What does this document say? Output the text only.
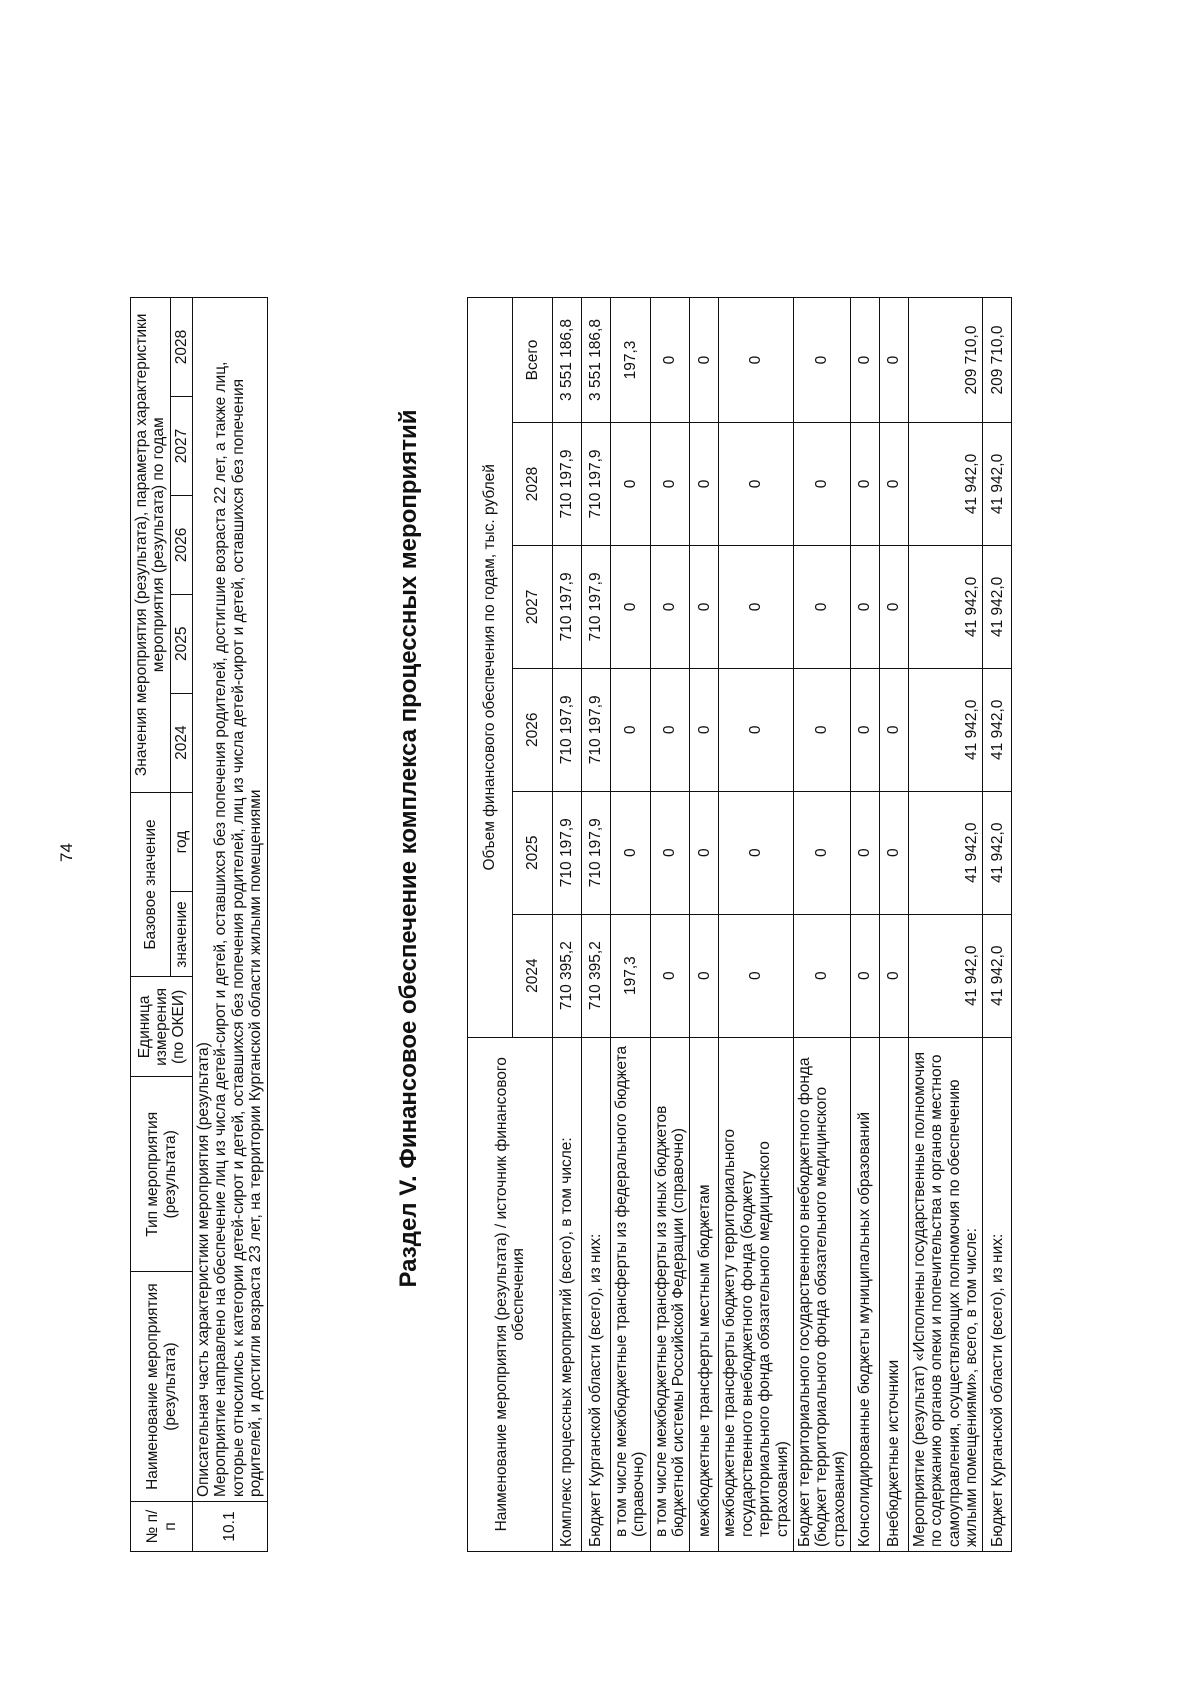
74
№ п/п	Наименование мероприятия (результата)	Тип мероприятия (результата)	Единица измерения (по ОКЕИ)	Базовое значение		Значения мероприятия (результата), параметра характеристики мероприятия (результата) по годам				
				значение	год	2024	2025	2026	2027	2028
10.1	Описательная часть характеристики мероприятия (результата) Мероприятие направлено на обеспечение лиц из числа детей-сирот и детей, оставшихся без попечения родителей, достигшие возраста 22 лет, а также лиц, которые относились к категории детей-сирот и детей, оставшихся без попечения родителей, лиц из числа детей-сирот и детей, оставшихся без попечения родителей, и достигли возраста 23 лет, на территории Курганской области жилыми помещениями										Раздел V. Финансовое обеспечение комплекса процессных мероприятий
Наименование мероприятия (результата) / источник финансового обеспечения	Объем финансового обеспечения по годам, тыс. рублей					
	2024	2025	2026	2027	2028	Всего
Комплекс процессных мероприятий (всего), в том числе:	710 395,2	710 197,9	710 197,9	710 197,9	710 197,9	3 551 186,8
Бюджет Курганской области (всего), из них:	710 395,2	710 197,9	710 197,9	710 197,9	710 197,9	3 551 186,8
в том числе межбюджетные трансферты из федерального бюджета (справочно)	197,3	0	0	0	0	197,3
в том числе межбюджетные трансферты из иных бюджетов бюджетной системы Российской Федерации (справочно)	0	0	0	0	0	0
межбюджетные трансферты местным бюджетам	0	0	0	0	0	0
межбюджетные трансферты бюджету территориального государственного внебюджетного фонда (бюджету территориального фонда обязательного медицинского страхования)	0	0	0	0	0	0
Бюджет территориального государственного внебюджетного фонда (бюджет территориального фонда обязательного медицинского страхования)	0	0	0	0	0	0
Консолидированные бюджеты муниципальных образований	0	0	0	0	0	0
Внебюджетные источники	0	0	0	0	0	0
Мероприятие (результат) «Исполнены государственные полномочия по содержанию органов опеки и попечительства и органов местного самоуправления, осуществляющих полномочия по обеспечению жилыми помещениями», всего, в том числе:	41 942,0	41 942,0	41 942,0	41 942,0	41 942,0	209 710,0
Бюджет Курганской области (всего), из них:	41 942,0	41 942,0	41 942,0	41 942,0	41 942,0	209 710,0
